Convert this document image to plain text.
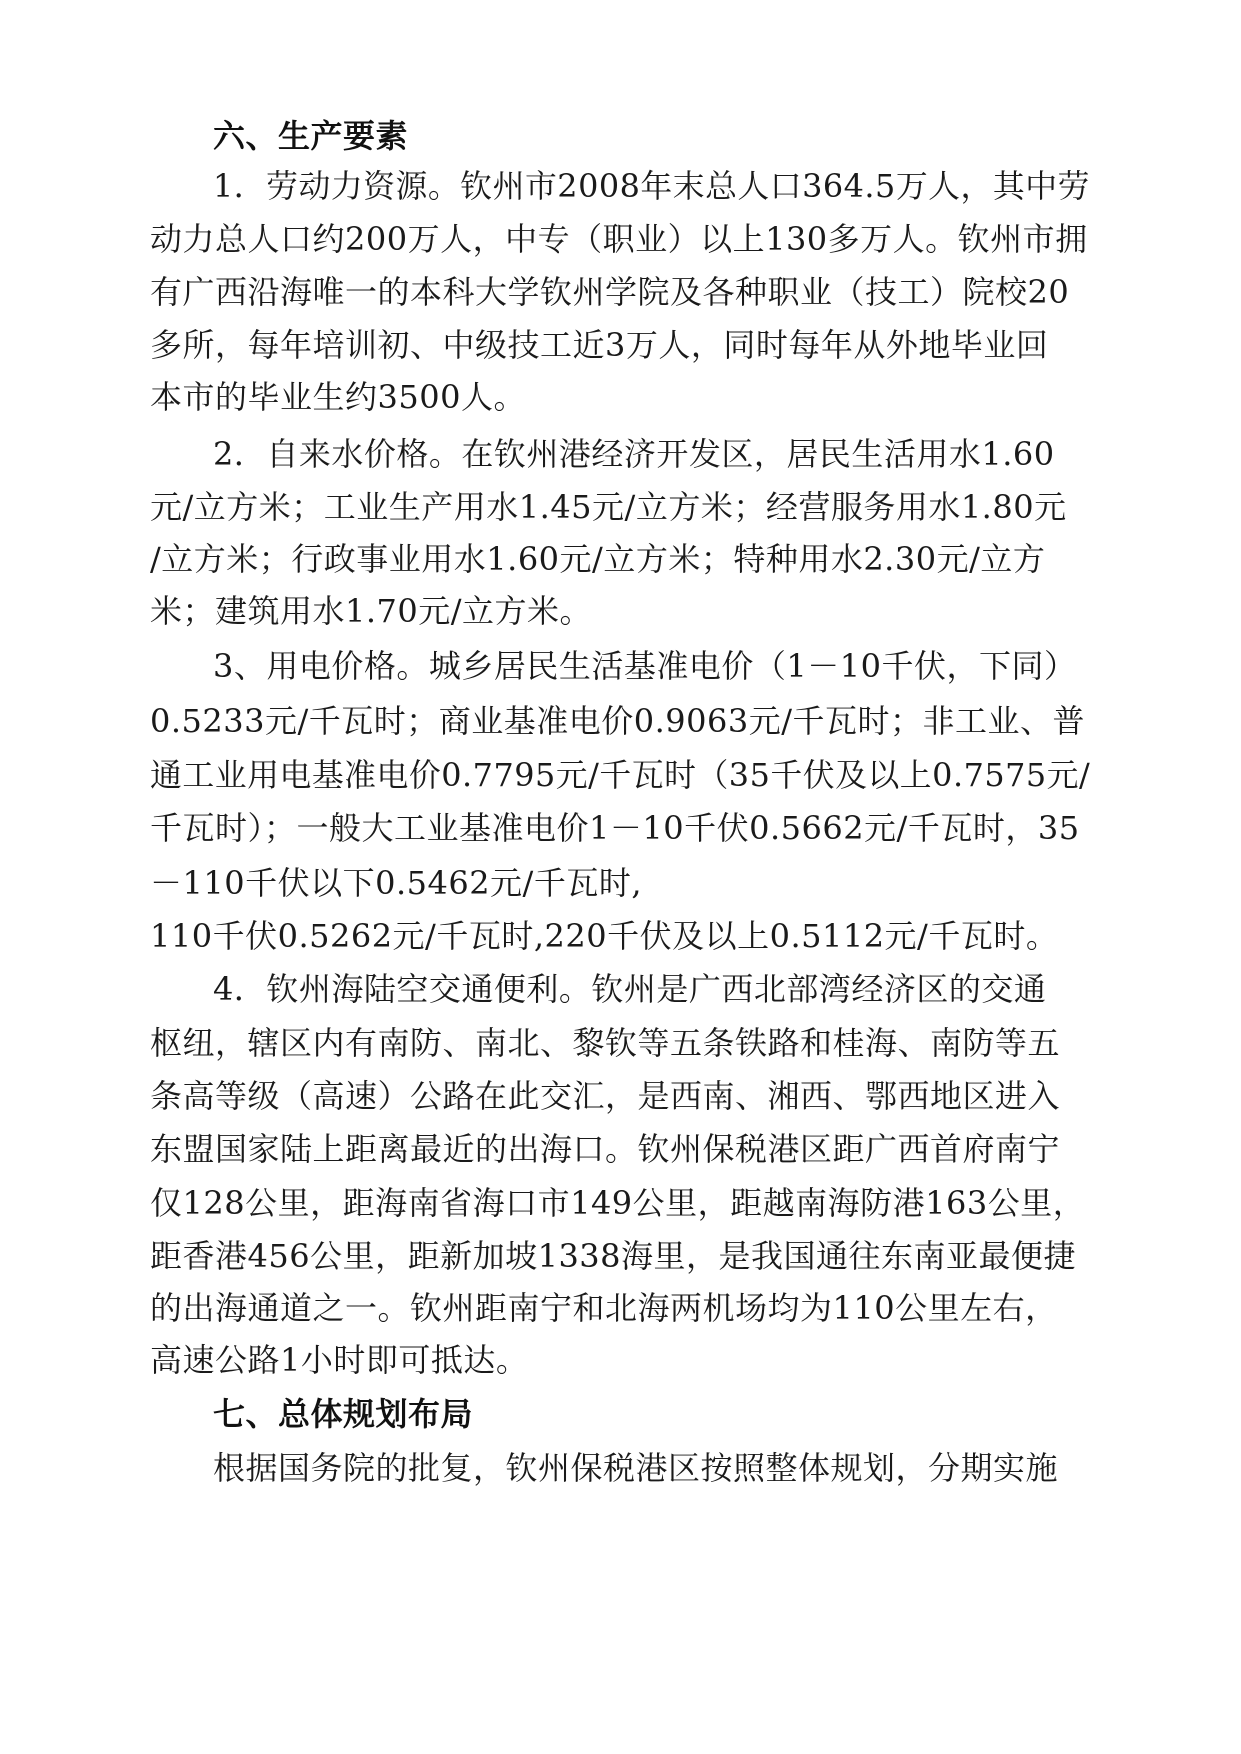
六、生产要素
1．劳动力资源。钦州市2008年末总人口364.5万人，其中劳
动力总人口约200万人，中专（职业）以上130多万人。钦州市拥
有广西沿海唯一的本科大学钦州学院及各种职业（技工）院校20
多所，每年培训初、中级技工近3万人，同时每年从外地毕业回
本市的毕业生约3500人。
2．自来水价格。在钦州港经济开发区，居民生活用水1.60
元/立方米；工业生产用水1.45元/立方米；经营服务用水1.80元
/立方米；行政事业用水1.60元/立方米；特种用水2.30元/立方
米；建筑用水1.70元/立方米。
3、用电价格。城乡居民生活基准电价（1－10千伏，下同）
0.5233元/千瓦时；商业基准电价0.9063元/千瓦时；非工业、普
通工业用电基准电价0.7795元/千瓦时（35千伏及以上0.7575元/
千瓦时）；一般大工业基准电价1－10千伏0.5662元/千瓦时，35
－110千伏以下0.5462元/千瓦时,
110千伏0.5262元/千瓦时,220千伏及以上0.5112元/千瓦时。
4．钦州海陆空交通便利。钦州是广西北部湾经济区的交通
枢纽，辖区内有南防、南北、黎钦等五条铁路和桂海、南防等五
条高等级（高速）公路在此交汇，是西南、湘西、鄂西地区进入
东盟国家陆上距离最近的出海口。钦州保税港区距广西首府南宁
仅128公里，距海南省海口市149公里，距越南海防港163公里，
距香港456公里，距新加坡1338海里，是我国通往东南亚最便捷
的出海通道之一。钦州距南宁和北海两机场均为110公里左右，
高速公路1小时即可抵达。
七、总体规划布局
根据国务院的批复，钦州保税港区按照整体规划，分期实施
